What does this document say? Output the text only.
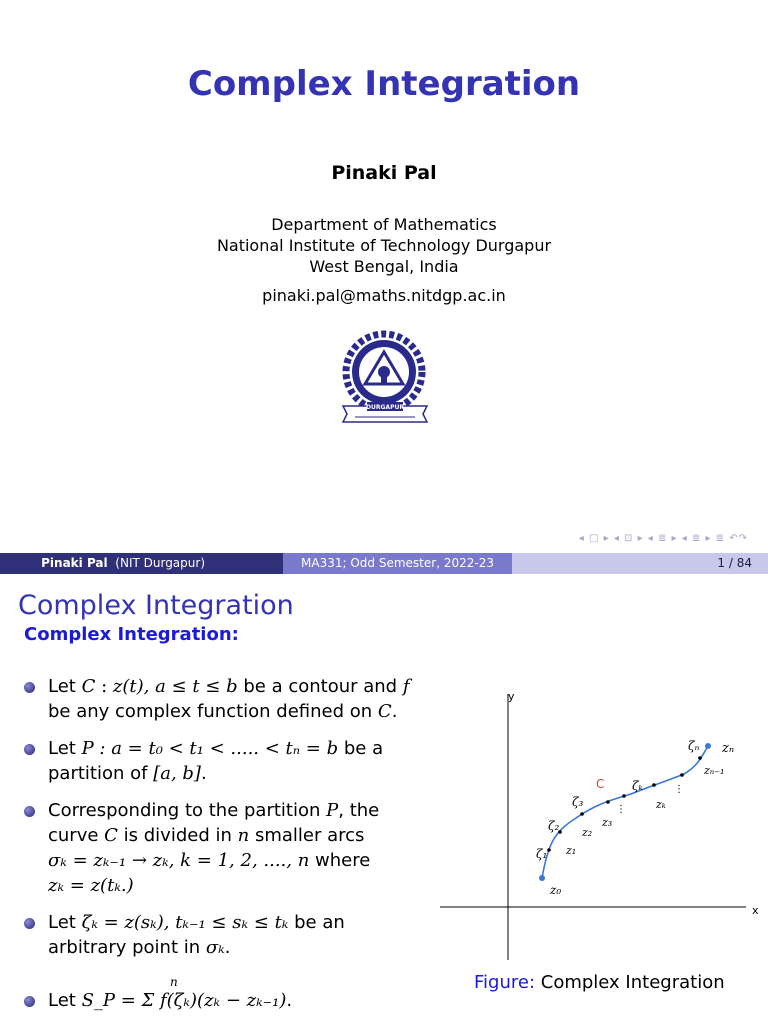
Complex Integration
Pinaki Pal
Department of Mathematics
National Institute of Technology Durgapur
West Bengal, India
pinaki.pal@maths.nitdgp.ac.in
DURGAPUR
◂ □ ▸ ◂ ⊡ ▸ ◂ ≣ ▸ ◂ ≣ ▸ ≣ ↶↷
Pinaki Pal (NIT Durgapur)	MA331; Odd Semester, 2022-23	1 / 84
Complex Integration
Complex Integration:
Let C : z(t), a ≤ t ≤ b be a contour and f
be any complex function defined on C.
Let P : a = t₀ < t₁ < ..... < tₙ = b be a
partition of [a, b].
Corresponding to the partition P, the
curve C is divided in n smaller arcs
σₖ = zₖ₋₁ → zₖ, k = 1, 2, ...., n where
zₖ = z(tₖ.)
Let ζₖ = z(sₖ), tₖ₋₁ ≤ sₖ ≤ tₖ be an
arbitrary point in σₖ.
n
Let S_P = Σ f(ζₖ)(zₖ − zₖ₋₁).
x
y
⋮
⋮
C
ζₙ zₙ
zₙ₋₁
ζₖ
zₖ
ζ₃
z₃
ζ₂ z₂
ζ₁ z₁
z₀
Figure: Complex Integration
